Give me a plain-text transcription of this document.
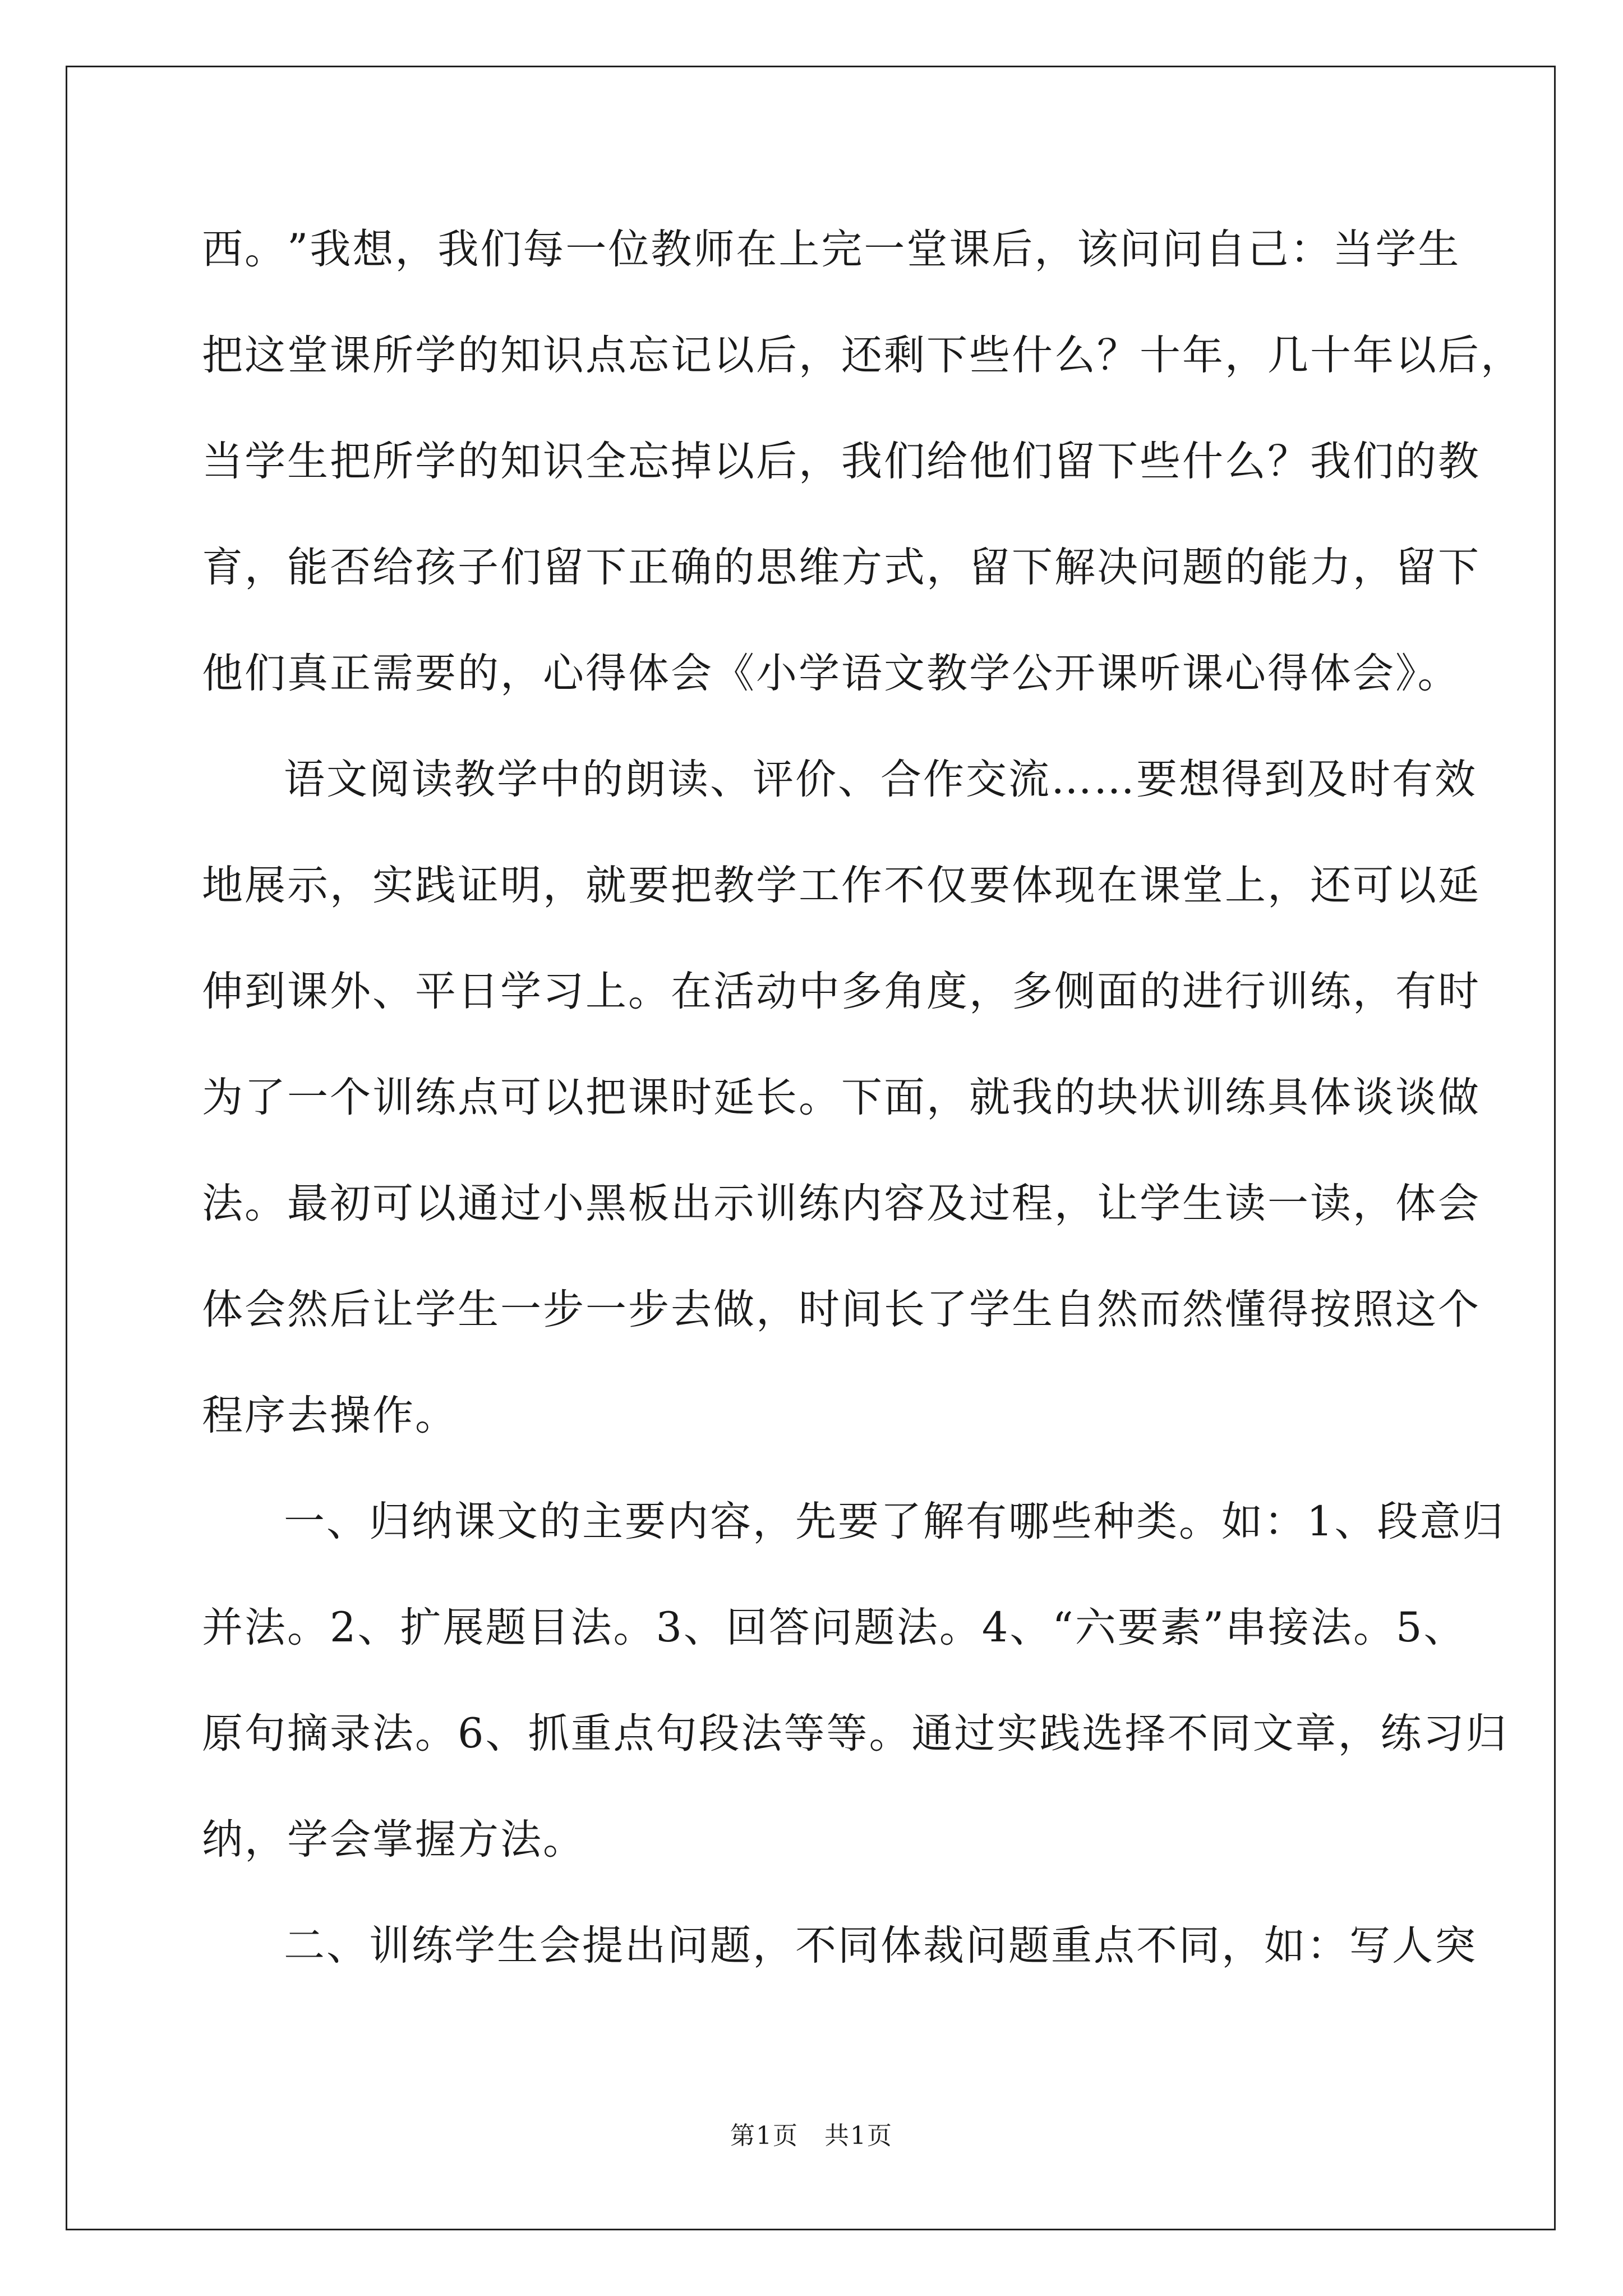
西 。 ” 我 想 ， 我 们 每 一 位 教 师 在 上 完 一 堂 课 后 ， 该 问 问 自 己 ： 当 学 生
把 这 堂 课 所 学 的 知 识 点 忘 记 以 后 ， 还 剩 下 些 什 么 ？ 十 年 ， 几 十 年 以 后 ，
当 学 生 把 所 学 的 知 识 全 忘 掉 以 后 ， 我 们 给 他 们 留 下 些 什 么 ？ 我 们 的 教
育 ， 能 否 给 孩 子 们 留 下 正 确 的 思 维 方 式 ， 留 下 解 决 问 题 的 能 力 ， 留 下
他们真正需要的，心得体会《小学语文教学公开课听课心得体会》。
语 文 阅 读 教 学 中 的 朗 读 、 评 价 、 合 作 交 流 … … 要 想 得 到 及 时 有 效
地 展 示 ， 实 践 证 明 ， 就 要 把 教 学 工 作 不 仅 要 体 现 在 课 堂 上 ， 还 可 以 延
伸 到 课 外 、 平 日 学 习 上 。 在 活 动 中 多 角 度 ， 多 侧 面 的 进 行 训 练 ， 有 时
为 了 一 个 训 练 点 可 以 把 课 时 延 长 。 下 面 ， 就 我 的 块 状 训 练 具 体 谈 谈 做
法 。 最 初 可 以 通 过 小 黑 板 出 示 训 练 内 容 及 过 程 ， 让 学 生 读 一 读 ， 体 会
体 会 然 后 让 学 生 一 步 一 步 去 做 ， 时 间 长 了 学 生 自 然 而 然 懂 得 按 照 这 个
程序去操作。
一 、 归 纳 课 文 的 主 要 内 容 ， 先 要 了 解 有 哪 些 种 类 。 如 ： 1 、 段 意 归
并 法 。 2 、 扩 展 题 目 法 。 3 、 回 答 问 题 法 。 4 、 “ 六 要 素 ” 串 接 法 。 5 、
原 句 摘 录 法 。 6 、 抓 重 点 句 段 法 等 等 。 通 过 实 践 选 择 不 同 文 章 ， 练 习 归
纳，学会掌握方法。
二 、 训 练 学 生 会 提 出 问 题 ， 不 同 体 裁 问 题 重 点 不 同 ， 如 ： 写 人 突
第1页　共1页
